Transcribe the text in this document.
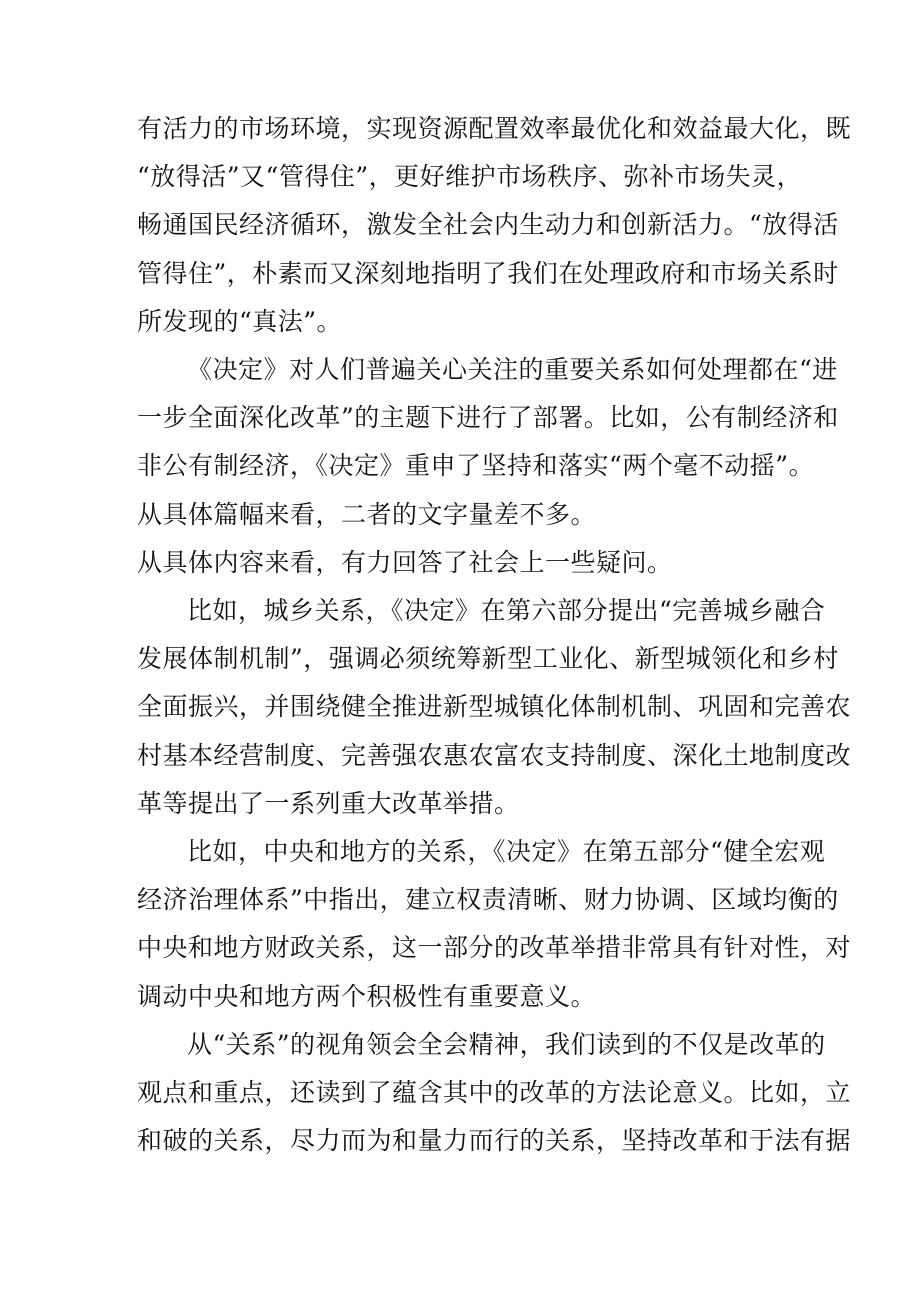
有活力的市场环境，实现资源配置效率最优化和效益最大化，既
“放得活”又“管得住”，更好维护市场秩序、弥补市场失灵，
畅通国民经济循环，激发全社会内生动力和创新活力。“放得活
管得住”，朴素而又深刻地指明了我们在处理政府和市场关系时
所发现的“真法”。

《决定》对人们普遍关心关注的重要关系如何处理都在“进
一步全面深化改革”的主题下进行了部署。比如，公有制经济和
非公有制经济，《决定》重申了坚持和落实“两个毫不动摇”。
从具体篇幅来看，二者的文字量差不多。

从具体内容来看，有力回答了社会上一些疑问。

比如，城乡关系，《决定》在第六部分提出“完善城乡融合
发展体制机制”，强调必须统筹新型工业化、新型城领化和乡村
全面振兴，并围绕健全推进新型城镇化体制机制、巩固和完善农
村基本经营制度、完善强农惠农富农支持制度、深化土地制度改
革等提出了一系列重大改革举措。

比如，中央和地方的关系，《决定》在第五部分“健全宏观
经济治理体系”中指出，建立权责清晰、财力协调、区域均衡的
中央和地方财政关系，这一部分的改革举措非常具有针对性，对
调动中央和地方两个积极性有重要意义。

从“关系”的视角领会全会精神，我们读到的不仅是改革的
观点和重点，还读到了蕴含其中的改革的方法论意义。比如，立
和破的关系，尽力而为和量力而行的关系，坚持改革和于法有据
